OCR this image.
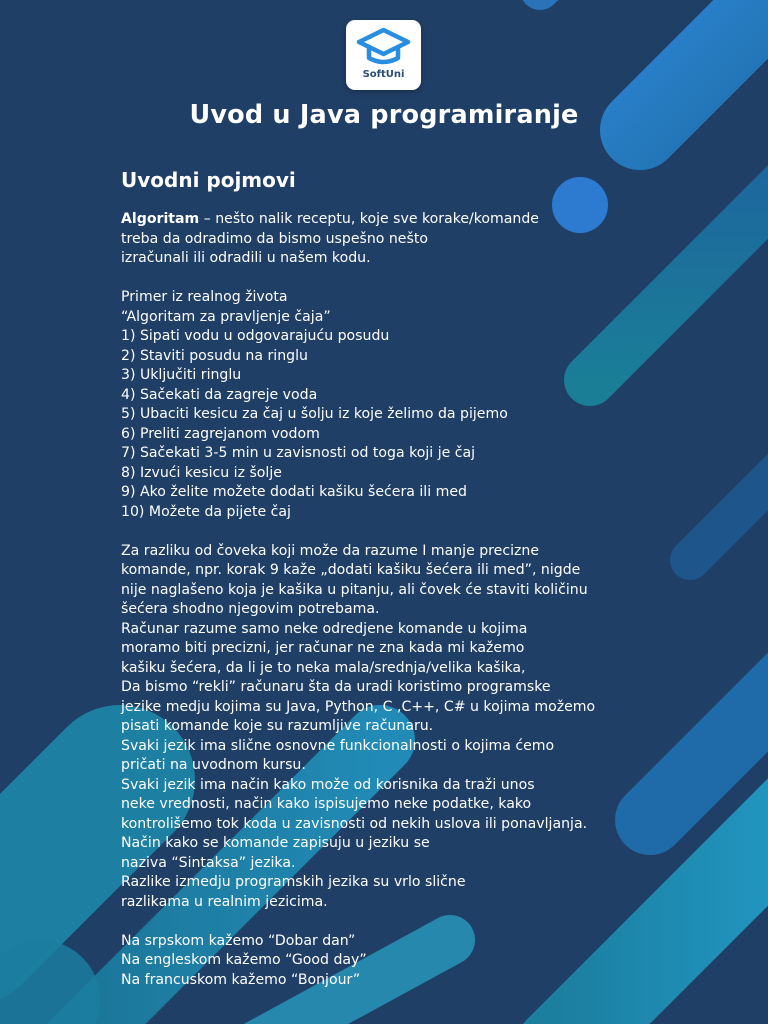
SoftUni
Uvod u Java programiranje
Uvodni pojmovi
Algoritam – nešto nalik receptu, koje sve korake/komande
treba da odradimo da bismo uspešno nešto
izračunali ili odradili u našem kodu.
Primer iz realnog života
“Algoritam za pravljenje čaja”
1) Sipati vodu u odgovarajuću posudu
2) Staviti posudu na ringlu
3) Uključiti ringlu
4) Sačekati da zagreje voda
5) Ubaciti kesicu za čaj u šolju iz koje želimo da pijemo
6) Preliti zagrejanom vodom
7) Sačekati 3-5 min u zavisnosti od toga koji je čaj
8) Izvući kesicu iz šolje
9) Ako želite možete dodati kašiku šećera ili med
10) Možete da pijete čaj
Za razliku od čoveka koji može da razume I manje precizne
komande, npr. korak 9 kaže „dodati kašiku šećera ili med”, nigde
nije naglašeno koja je kašika u pitanju, ali čovek će staviti količinu
šećera shodno njegovim potrebama.
Računar razume samo neke odredjene komande u kojima
moramo biti precizni, jer računar ne zna kada mi kažemo
kašiku šećera, da li je to neka mala/srednja/velika kašika,
Da bismo “rekli” računaru šta da uradi koristimo programske
jezike medju kojima su Java, Python, C ,C++, C# u kojima možemo
pisati komande koje su razumljive računaru.
Svaki jezik ima slične osnovne funkcionalnosti o kojima ćemo
pričati na uvodnom kursu.
Svaki jezik ima način kako može od korisnika da traži unos
neke vrednosti, način kako ispisujemo neke podatke, kako
kontrolišemo tok koda u zavisnosti od nekih uslova ili ponavljanja.
Način kako se komande zapisuju u jeziku se
naziva “Sintaksa” jezika.
Razlike izmedju programskih jezika su vrlo slične
razlikama u realnim jezicima.
Na srpskom kažemo “Dobar dan”
Na engleskom kažemo “Good day”
Na francuskom kažemo “Bonjour”
